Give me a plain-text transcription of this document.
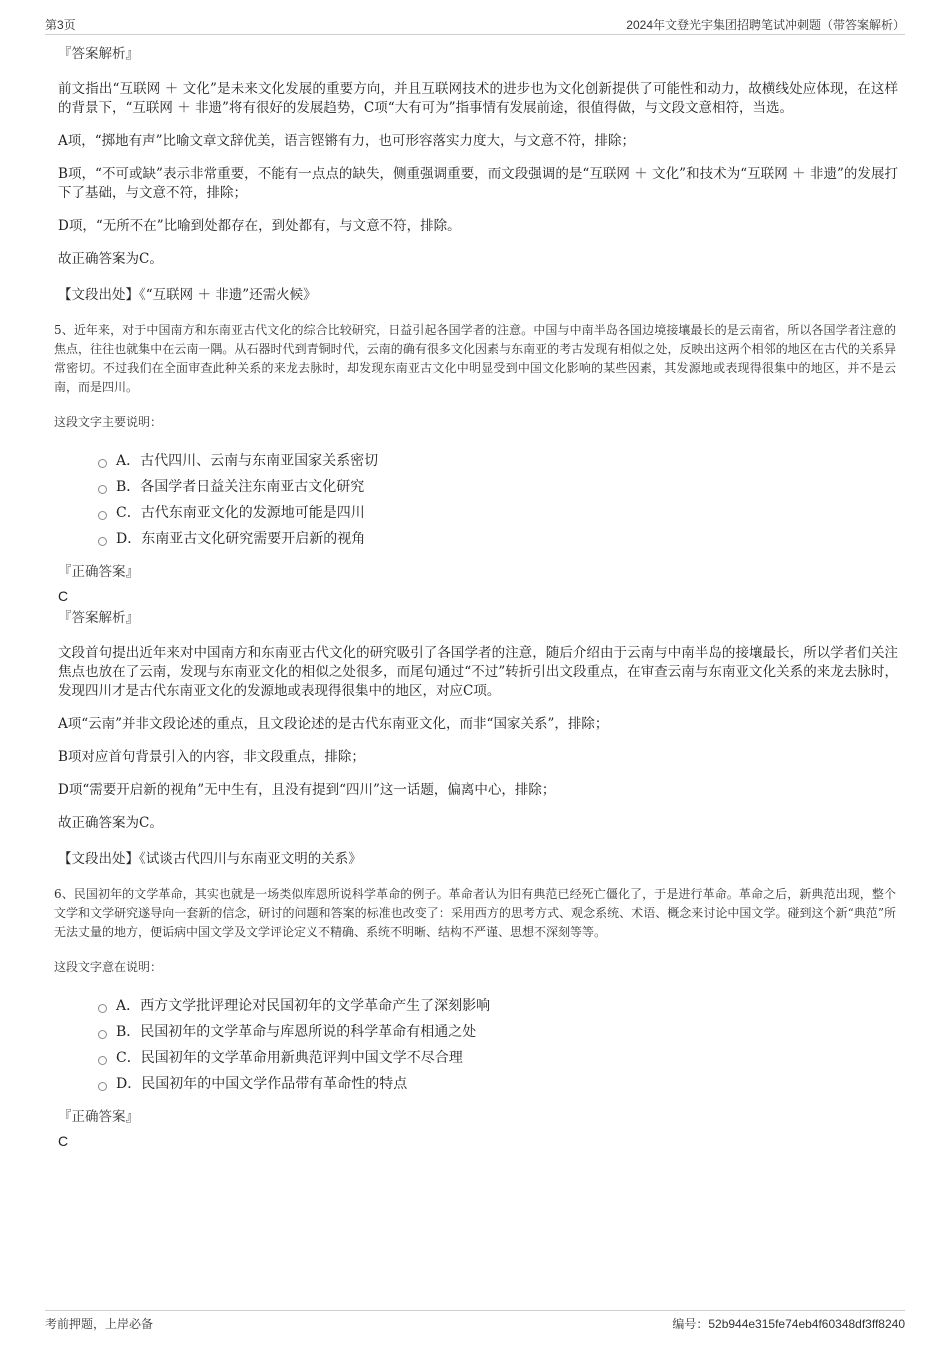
第3页	2024年文登光宇集团招聘笔试冲刺题（带答案解析）
『答案解析』

前文指出“互联网 ＋ 文化”是未来文化发展的重要方向，并且互联网技术的进步也为文化创新提供了可能性和动力，故横线处应体现，在这样的背景下，“互联网 ＋ 非遗”将有很好的发展趋势，C项“大有可为”指事情有发展前途，很值得做，与文段文意相符，当选。

A项，“掷地有声”比喻文章文辞优美，语言铿锵有力，也可形容落实力度大，与文意不符，排除；

B项，“不可或缺”表示非常重要，不能有一点点的缺失，侧重强调重要，而文段强调的是“互联网 ＋ 文化”和技术为“互联网 ＋ 非遗”的发展打下了基础，与文意不符，排除；

D项，“无所不在”比喻到处都存在，到处都有，与文意不符，排除。

故正确答案为C。

【文段出处】《“互联网 ＋ 非遗”还需火候》

5、近年来，对于中国南方和东南亚古代文化的综合比较研究，日益引起各国学者的注意。中国与中南半岛各国边境接壤最长的是云南省，所以各国学者注意的焦点，往往也就集中在云南一隅。从石器时代到青铜时代，云南的确有很多文化因素与东南亚的考古发现有相似之处，反映出这两个相邻的地区在古代的关系异常密切。不过我们在全面审查此种关系的来龙去脉时，却发现东南亚古文化中明显受到中国文化影响的某些因素，其发源地或表现得很集中的地区，并不是云南，而是四川。

这段文字主要说明：
A．古代四川、云南与东南亚国家关系密切
B．各国学者日益关注东南亚古文化研究
C．古代东南亚文化的发源地可能是四川
D．东南亚古文化研究需要开启新的视角
『正确答案』
C
『答案解析』

文段首句提出近年来对中国南方和东南亚古代文化的研究吸引了各国学者的注意，随后介绍由于云南与中南半岛的接壤最长，所以学者们关注焦点也放在了云南，发现与东南亚文化的相似之处很多，而尾句通过“不过”转折引出文段重点，在审查云南与东南亚文化关系的来龙去脉时，发现四川才是古代东南亚文化的发源地或表现得很集中的地区，对应C项。

A项“云南”并非文段论述的重点，且文段论述的是古代东南亚文化，而非“国家关系”，排除；

B项对应首句背景引入的内容，非文段重点，排除；

D项“需要开启新的视角”无中生有，且没有提到“四川”这一话题，偏离中心，排除；

故正确答案为C。

【文段出处】《试谈古代四川与东南亚文明的关系》

6、民国初年的文学革命，其实也就是一场类似库恩所说科学革命的例子。革命者认为旧有典范已经死亡僵化了，于是进行革命。革命之后，新典范出现，整个文学和文学研究遂导向一套新的信念，研讨的问题和答案的标准也改变了：采用西方的思考方式、观念系统、术语、概念来讨论中国文学。碰到这个新“典范”所无法丈量的地方，便诟病中国文学及文学评论定义不精确、系统不明晰、结构不严谨、思想不深刻等等。

这段文字意在说明：
A．西方文学批评理论对民国初年的文学革命产生了深刻影响
B．民国初年的文学革命与库恩所说的科学革命有相通之处
C．民国初年的文学革命用新典范评判中国文学不尽合理
D．民国初年的中国文学作品带有革命性的特点
『正确答案』
C
考前押题，上岸必备	编号：52b944e315fe74eb4f60348df3ff8240
